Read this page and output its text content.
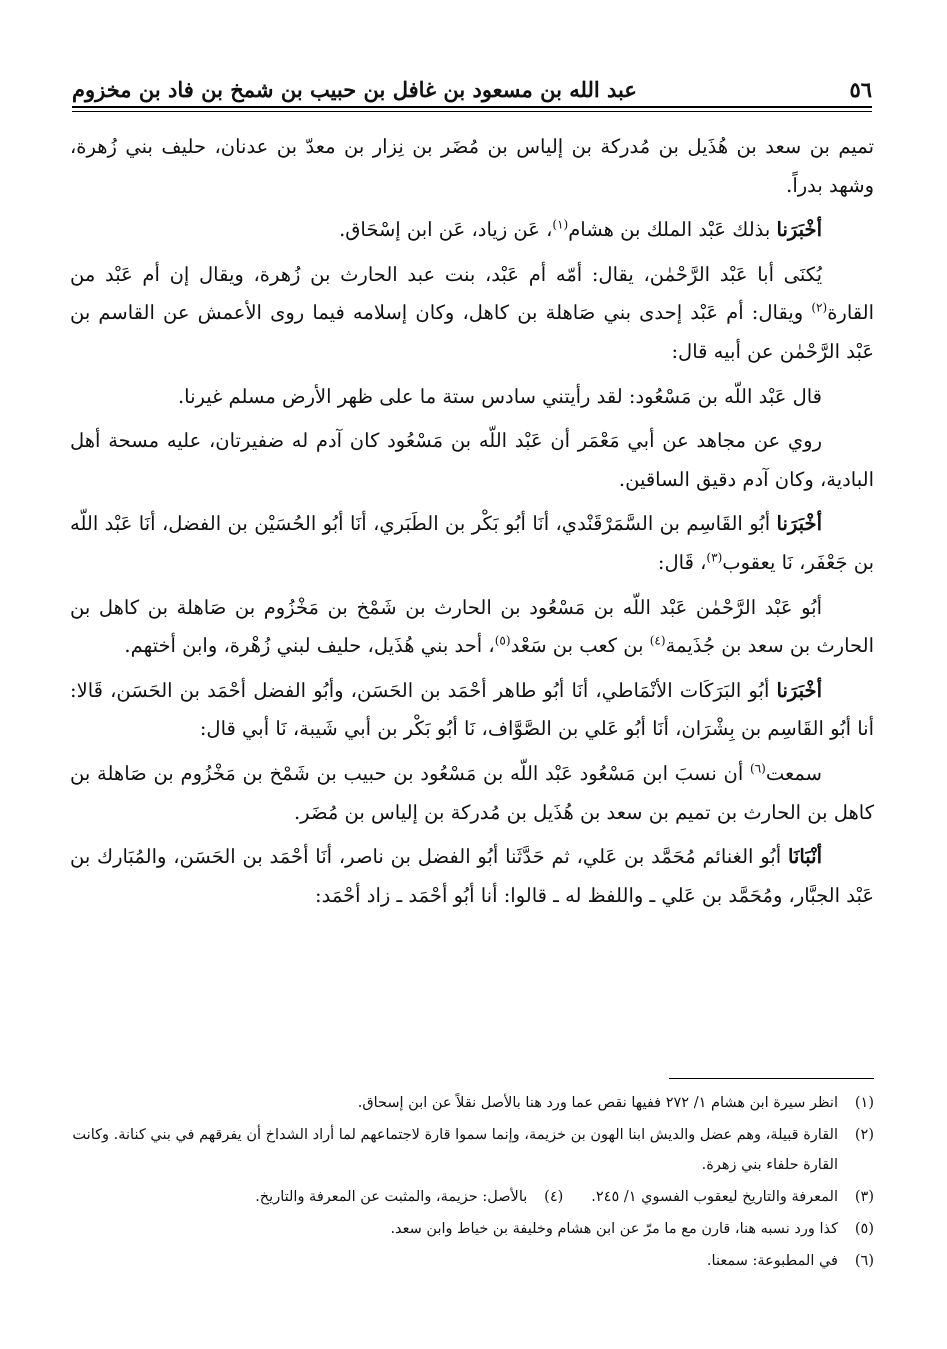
٥٦
عبد الله بن مسعود بن غافل بن حبيب بن شمخ بن فاد بن مخزوم

تميم بن سعد بن هُذَيل بن مُدركة بن إلياس بن مُضَر بن نِزار بن معدّ بن عدنان، حليف بني زُهرة، وشهد بدراً.

أخْبَرَنا بذلك عَبْد الملك بن هشام$^{(١)}$، عَن زياد، عَن ابن إسْحَاق.

يُكنَى أبا عَبْد الرَّحْمٰن، يقال: أمّه أم عَبْد، بنت عبد الحارث بن زُهرة، ويقال إن أم عَبْد من القارة$^{(٢)}$ ويقال: أم عَبْد إحدى بني صَاهلة بن كاهل، وكان إسلامه فيما روى الأعمش عن القاسم بن عَبْد الرَّحْمٰن عن أبيه قال:

قال عَبْد اللّه بن مَسْعُود: لقد رأيتني سادس ستة ما على ظهر الأرض مسلم غيرنا.

روي عن مجاهد عن أبي مَعْمَر أن عَبْد اللّه بن مَسْعُود كان آدم له ضفيرتان، عليه مسحة أهل البادية، وكان آدم دقيق الساقين.

أخْبَرَنا أبُو القَاسِم بن السَّمَرْقَنْدي، أنَا أبُو بَكْر بن الطَبَري، أنَا أبُو الحُسَيْن بن الفضل، أنَا عَبْد اللّه بن جَعْفَر، نَا يعقوب$^{(٣)}$، قَال:

أبُو عَبْد الرَّحْمٰن عَبْد اللّه بن مَسْعُود بن الحارث بن شَمْخ بن مَخْزُوم بن صَاهلة بن كاهل بن الحارث بن سعد بن جُذَيمة$^{(٤)}$ بن كعب بن سَعْد$^{(٥)}$، أحد بني هُذَيل، حليف لبني زُهْرة، وابن أختهم.

أخْبَرَنا أبُو البَرَكَات الأنْمَاطي، أنَا أبُو طاهر أحْمَد بن الحَسَن، وأبُو الفضل أحْمَد بن الحَسَن، قَالا: أنا أبُو القَاسِم بن بِشْرَان، أنَا أبُو عَلي بن الصَّوَّاف، نَا أبُو بَكْر بن أبي شَيبة، نَا أبي قال:

سمعت$^{(٦)}$ أن نسبَ ابن مَسْعُود عَبْد اللّه بن مَسْعُود بن حبيب بن شَمْخ بن مَخْزُوم بن صَاهلة بن كاهل بن الحارث بن تميم بن سعد بن هُذَيل بن مُدركة بن إلياس بن مُضَر.

أنْبَانَا أبُو الغنائم مُحَمَّد بن عَلي، ثم حَدَّثَنا أبُو الفضل بن ناصر، أنَا أحْمَد بن الحَسَن، والمُبَارك بن عَبْد الجبَّار، ومُحَمَّد بن عَلي ـ واللفظ له ـ قالوا: أنا أبُو أحْمَد ـ زاد أحْمَد:

(١)
انظر سيرة ابن هشام ١/ ٢٧٢ ففيها نقص عما ورد هنا بالأصل نقلاً عن ابن إسحاق.
(٢)
القارة قبيلة، وهم عضل والديش ابنا الهون بن خزيمة، وإنما سموا قارة لاجتماعهم لما أراد الشداخ أن يفرقهم في بني كنانة. وكانت القارة حلفاء بني زهرة.
(٣)
المعرفة والتاريخ ليعقوب الفسوي ١/ ٢٤٥.
(٤)
بالأصل: حزيمة، والمثبت عن المعرفة والتاريخ.
(٥)
كذا ورد نسبه هنا، قارن مع ما مرّ عن ابن هشام وخليفة بن خياط وابن سعد.
(٦)
في المطبوعة: سمعنا.
